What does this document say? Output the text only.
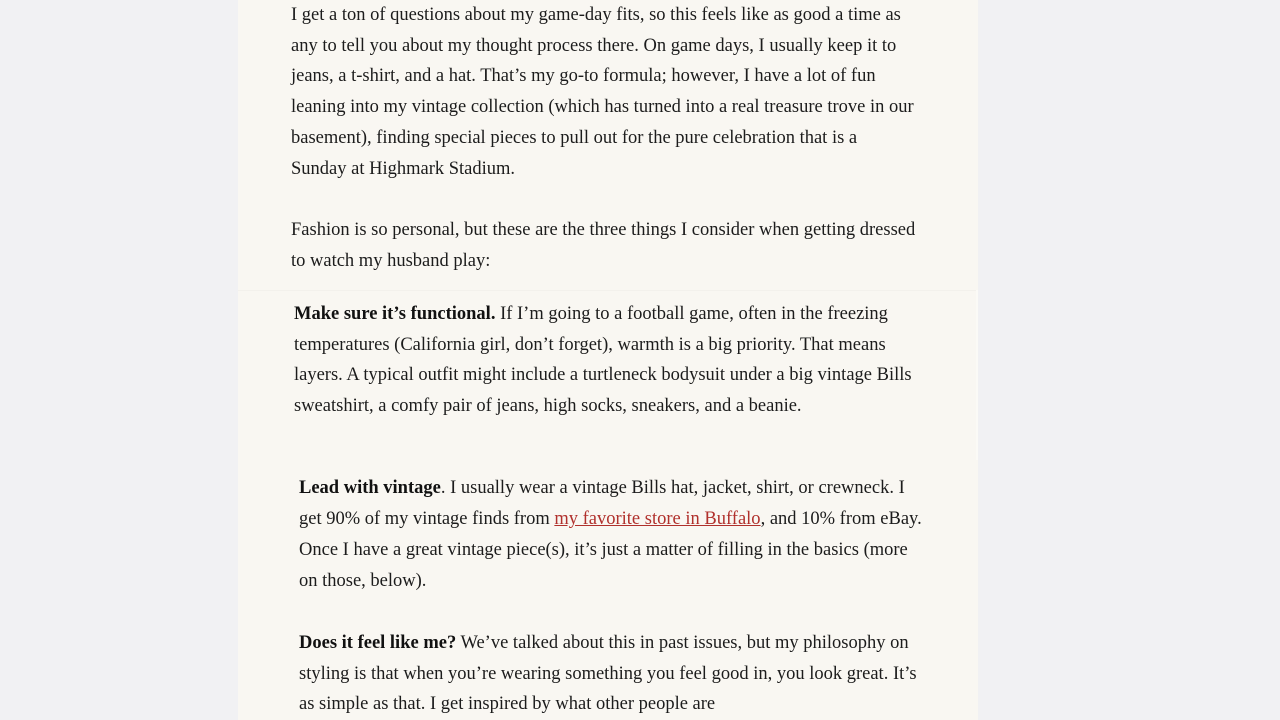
I get a ton of questions about my game-day fits, so this feels like as good a time as any to tell you about my thought process there. On game days, I usually keep it to jeans, a t-shirt, and a hat. That’s my go-to formula; however, I have a lot of fun leaning into my vintage collection (which has turned into a real treasure trove in our basement), finding special pieces to pull out for the pure celebration that is a Sunday at Highmark Stadium.

Fashion is so personal, but these are the three things I consider when getting dressed to watch my husband play:

Make sure it’s functional. If I’m going to a football game, often in the freezing temperatures (California girl, don’t forget), warmth is a big priority. That means layers. A typical outfit might include a turtleneck bodysuit under a big vintage Bills sweatshirt, a comfy pair of jeans, high socks, sneakers, and a beanie.

Lead with vintage. I usually wear a vintage Bills hat, jacket, shirt, or crewneck. I get 90% of my vintage finds from my favorite store in Buffalo, and 10% from eBay. Once I have a great vintage piece(s), it’s just a matter of filling in the basics (more on those, below).

Does it feel like me? We’ve talked about this in past issues, but my philosophy on styling is that when you’re wearing something you feel good in, you look great. It’s as simple as that. I get inspired by what other people are
